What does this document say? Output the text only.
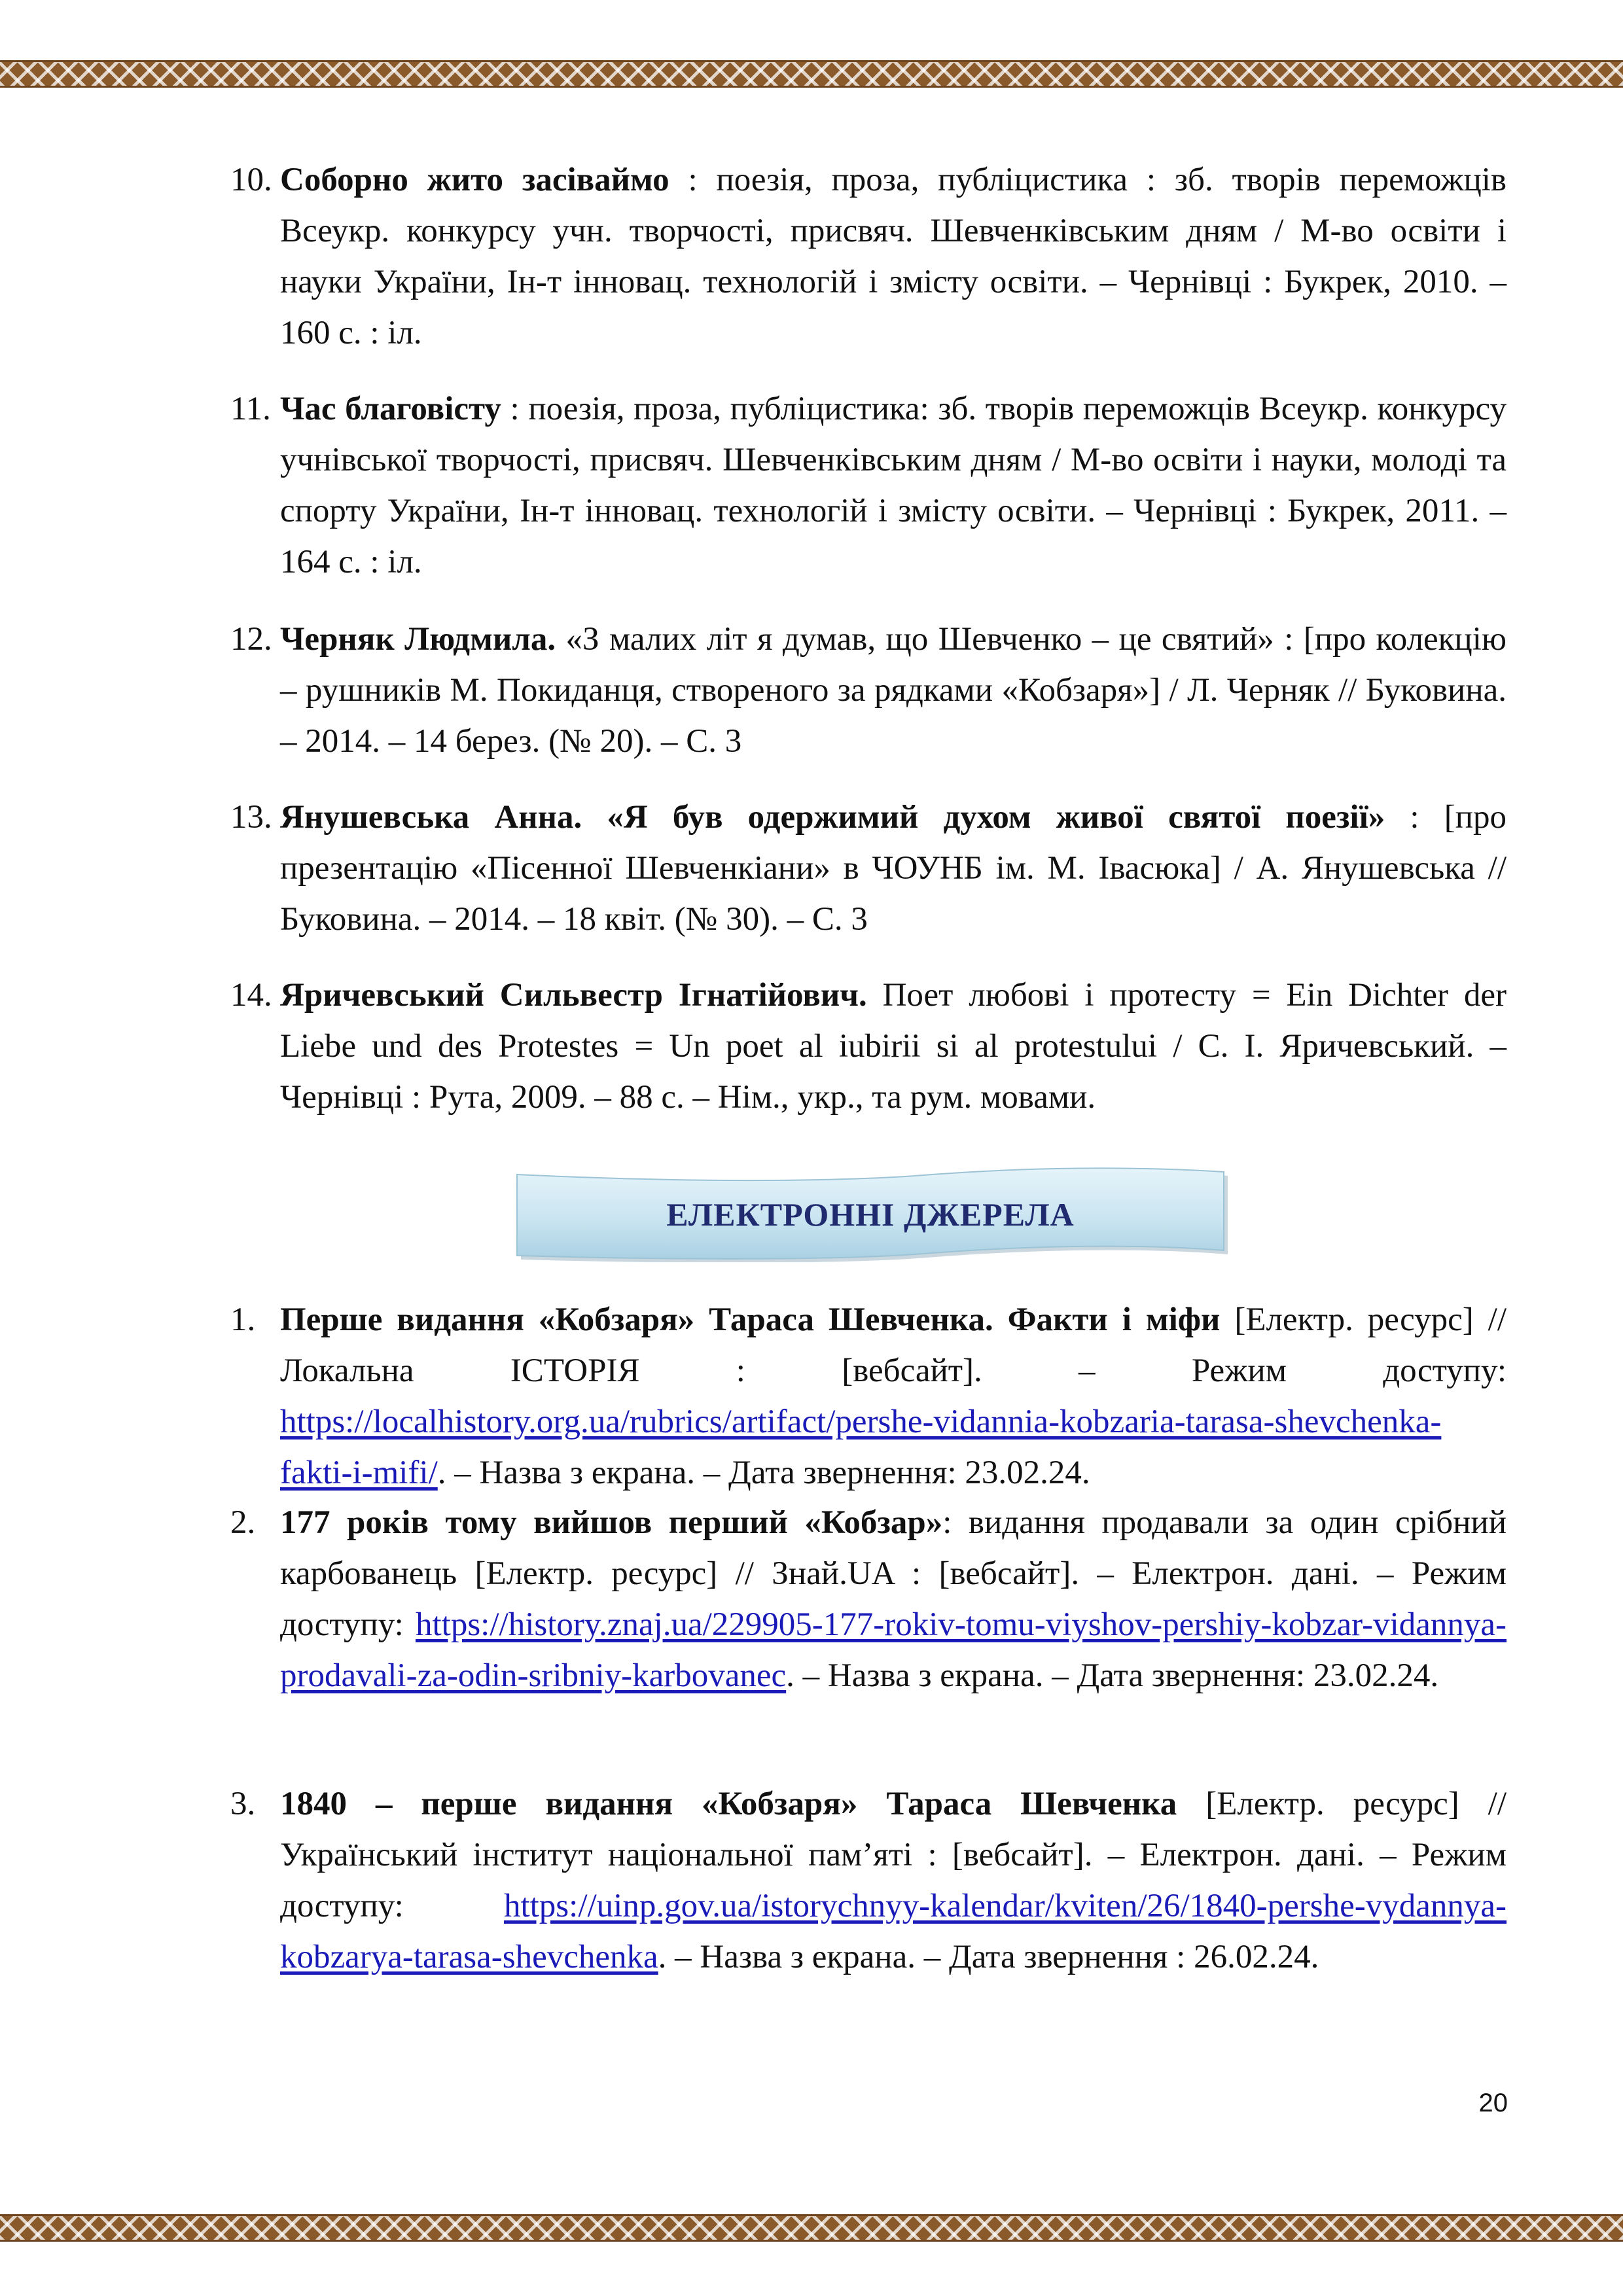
10. Соборно жито засіваймо : поезія, проза, публіцистика : зб. творів переможців Всеукр. конкурсу учн. творчості, присвяч. Шевченківським дням / М-во освіти і науки України, Ін-т інновац. технологій і змісту освіти. – Чернівці : Букрек, 2010. – 160 с. : іл.
11. Час благовісту : поезія, проза, публіцистика: зб. творів переможців Всеукр. конкурсу учнівської творчості, присвяч. Шевченківським дням / М-во освіти і науки, молоді та спорту України, Ін-т інновац. технологій і змісту освіти. – Чернівці : Букрек, 2011. – 164 с. : іл.
12. Черняк Людмила. «З малих літ я думав, що Шевченко – це святий» : [про колекцію – рушників М. Покиданця, створеного за рядками «Кобзаря»] / Л. Черняк // Буковина. – 2014. – 14 берез. (№ 20). – С. 3
13. Янушевська Анна. «Я був одержимий духом живої святої поезії» : [про презентацію «Пісенної Шевченкіани» в ЧОУНБ ім. М. Івасюка] / А. Янушевська // Буковина. – 2014. – 18 квіт. (№ 30). – С. 3
14. Яричевський Сильвестр Ігнатійович. Поет любові і протесту = Ein Dichter der Liebe und des Protestes = Un poet al iubirii si al protestului / С. І. Яричевський. – Чернівці : Рута, 2009. – 88 с. – Нім., укр., та рум. мовами.
ЕЛЕКТРОННІ ДЖЕРЕЛА
1. Перше видання «Кобзаря» Тараса Шевченка. Факти і міфи [Електр. ресурс] // Локальна ІСТОРІЯ : [вебсайт]. – Режим доступу: https://localhistory.org.ua/rubrics/artifact/pershe-vidannia-kobzaria-tarasa-shevchenka-fakti-i-mifi/. – Назва з екрана. – Дата звернення: 23.02.24.
2. 177 років тому вийшов перший «Кобзар»: видання продавали за один срібний карбованець [Електр. ресурс] // Знай.UA : [вебсайт]. – Електрон. дані. – Режим доступу: https://history.znaj.ua/229905-177-rokiv-tomu-viyshov-pershiy-kobzar-vidannya-prodavali-za-odin-sribniy-karbovanec. – Назва з екрана. – Дата звернення: 23.02.24.
3. 1840 – перше видання «Кобзаря» Тараса Шевченка [Електр. ресурс] // Український інститут національної пам’яті : [вебсайт]. – Електрон. дані. – Режим доступу: https://uinp.gov.ua/istorychnyy-kalendar/kviten/26/1840-pershe-vydannya-kobzarya-tarasa-shevchenka. – Назва з екрана. – Дата звернення : 26.02.24.
20
